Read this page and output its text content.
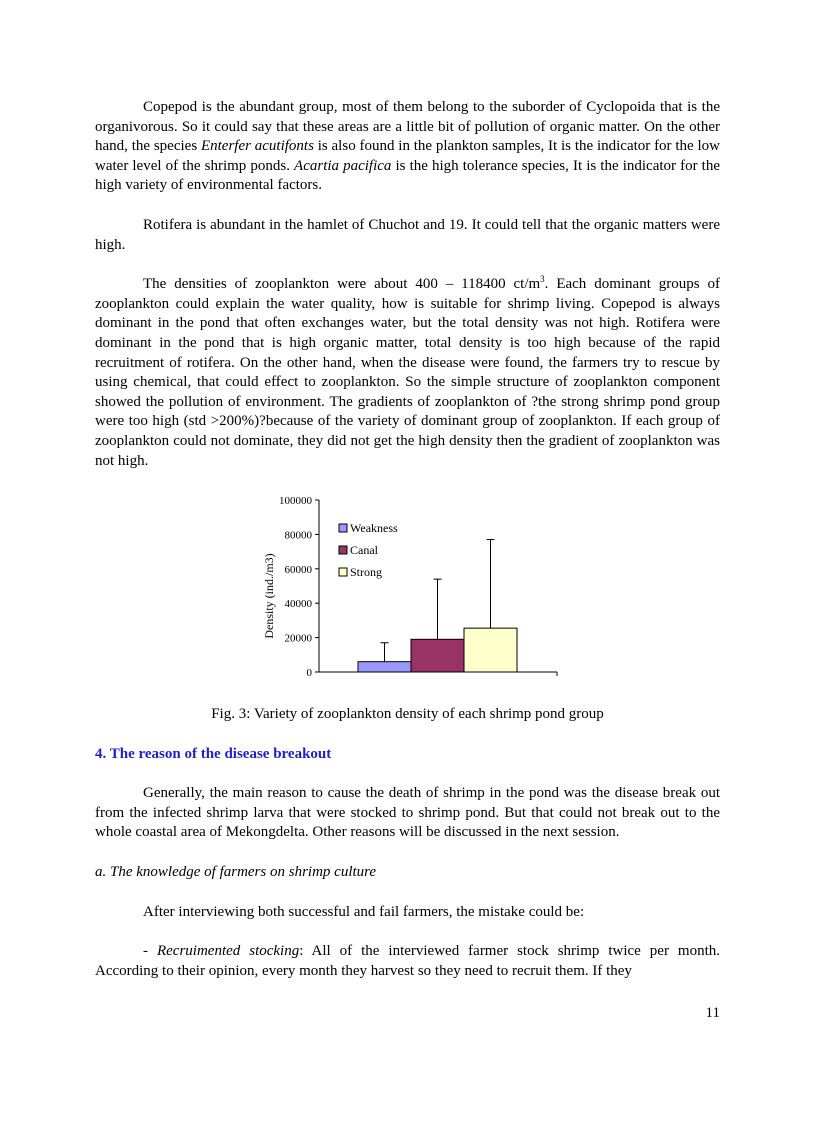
Copepod is the abundant group, most of them belong to the suborder of Cyclopoida that is the organivorous. So it could say that these areas are a little bit of pollution of organic matter. On the other hand, the species Enterfer acutifonts is also found in the plankton samples, It is the indicator for the low water level of the shrimp ponds. Acartia pacifica is the high tolerance species, It is the indicator for the high variety of environmental factors.

Rotifera is abundant in the hamlet of Chuchot and 19. It could tell that the organic matters were high.

The densities of zooplankton were about 400 – 118400 $ct/m^3$. Each dominant groups of zooplankton could explain the water quality, how is suitable for shrimp living. Copepod is always dominant in the pond that often exchanges water, but the total density was not high. Rotifera were dominant in the pond that is high organic matter, total density is too high because of the rapid recruitment of rotifera. On the other hand, when the disease were found, the farmers try to rescue by using chemical, that could effect to zooplankton. So the simple structure of zooplankton component showed the pollution of environment. The gradients of zooplankton of ?the strong shrimp pond group were too high (std >200%)?because of the variety of dominant group of zooplankton. If each group of zooplankton could not dominate, they did not get the high density then the gradient of zooplankton was not high.

0
20000
40000
60000
80000
100000
Density (ind./m3)
Weakness
Canal
Strong

Fig. 3: Variety of zooplankton density of each shrimp pond group

4. The reason of the disease breakout

Generally, the main reason to cause the death of shrimp in the pond was the disease break out from the infected shrimp larva that were stocked to shrimp pond. But that could not break out to the whole coastal area of Mekongdelta. Other reasons will be discussed in the next session.

a. The knowledge of farmers on shrimp culture

After interviewing both successful and fail farmers, the mistake could be:

- Recruimented stocking: All of the interviewed farmer stock shrimp twice per month. According to their opinion, every month they harvest so they need to recruit them. If they

11
